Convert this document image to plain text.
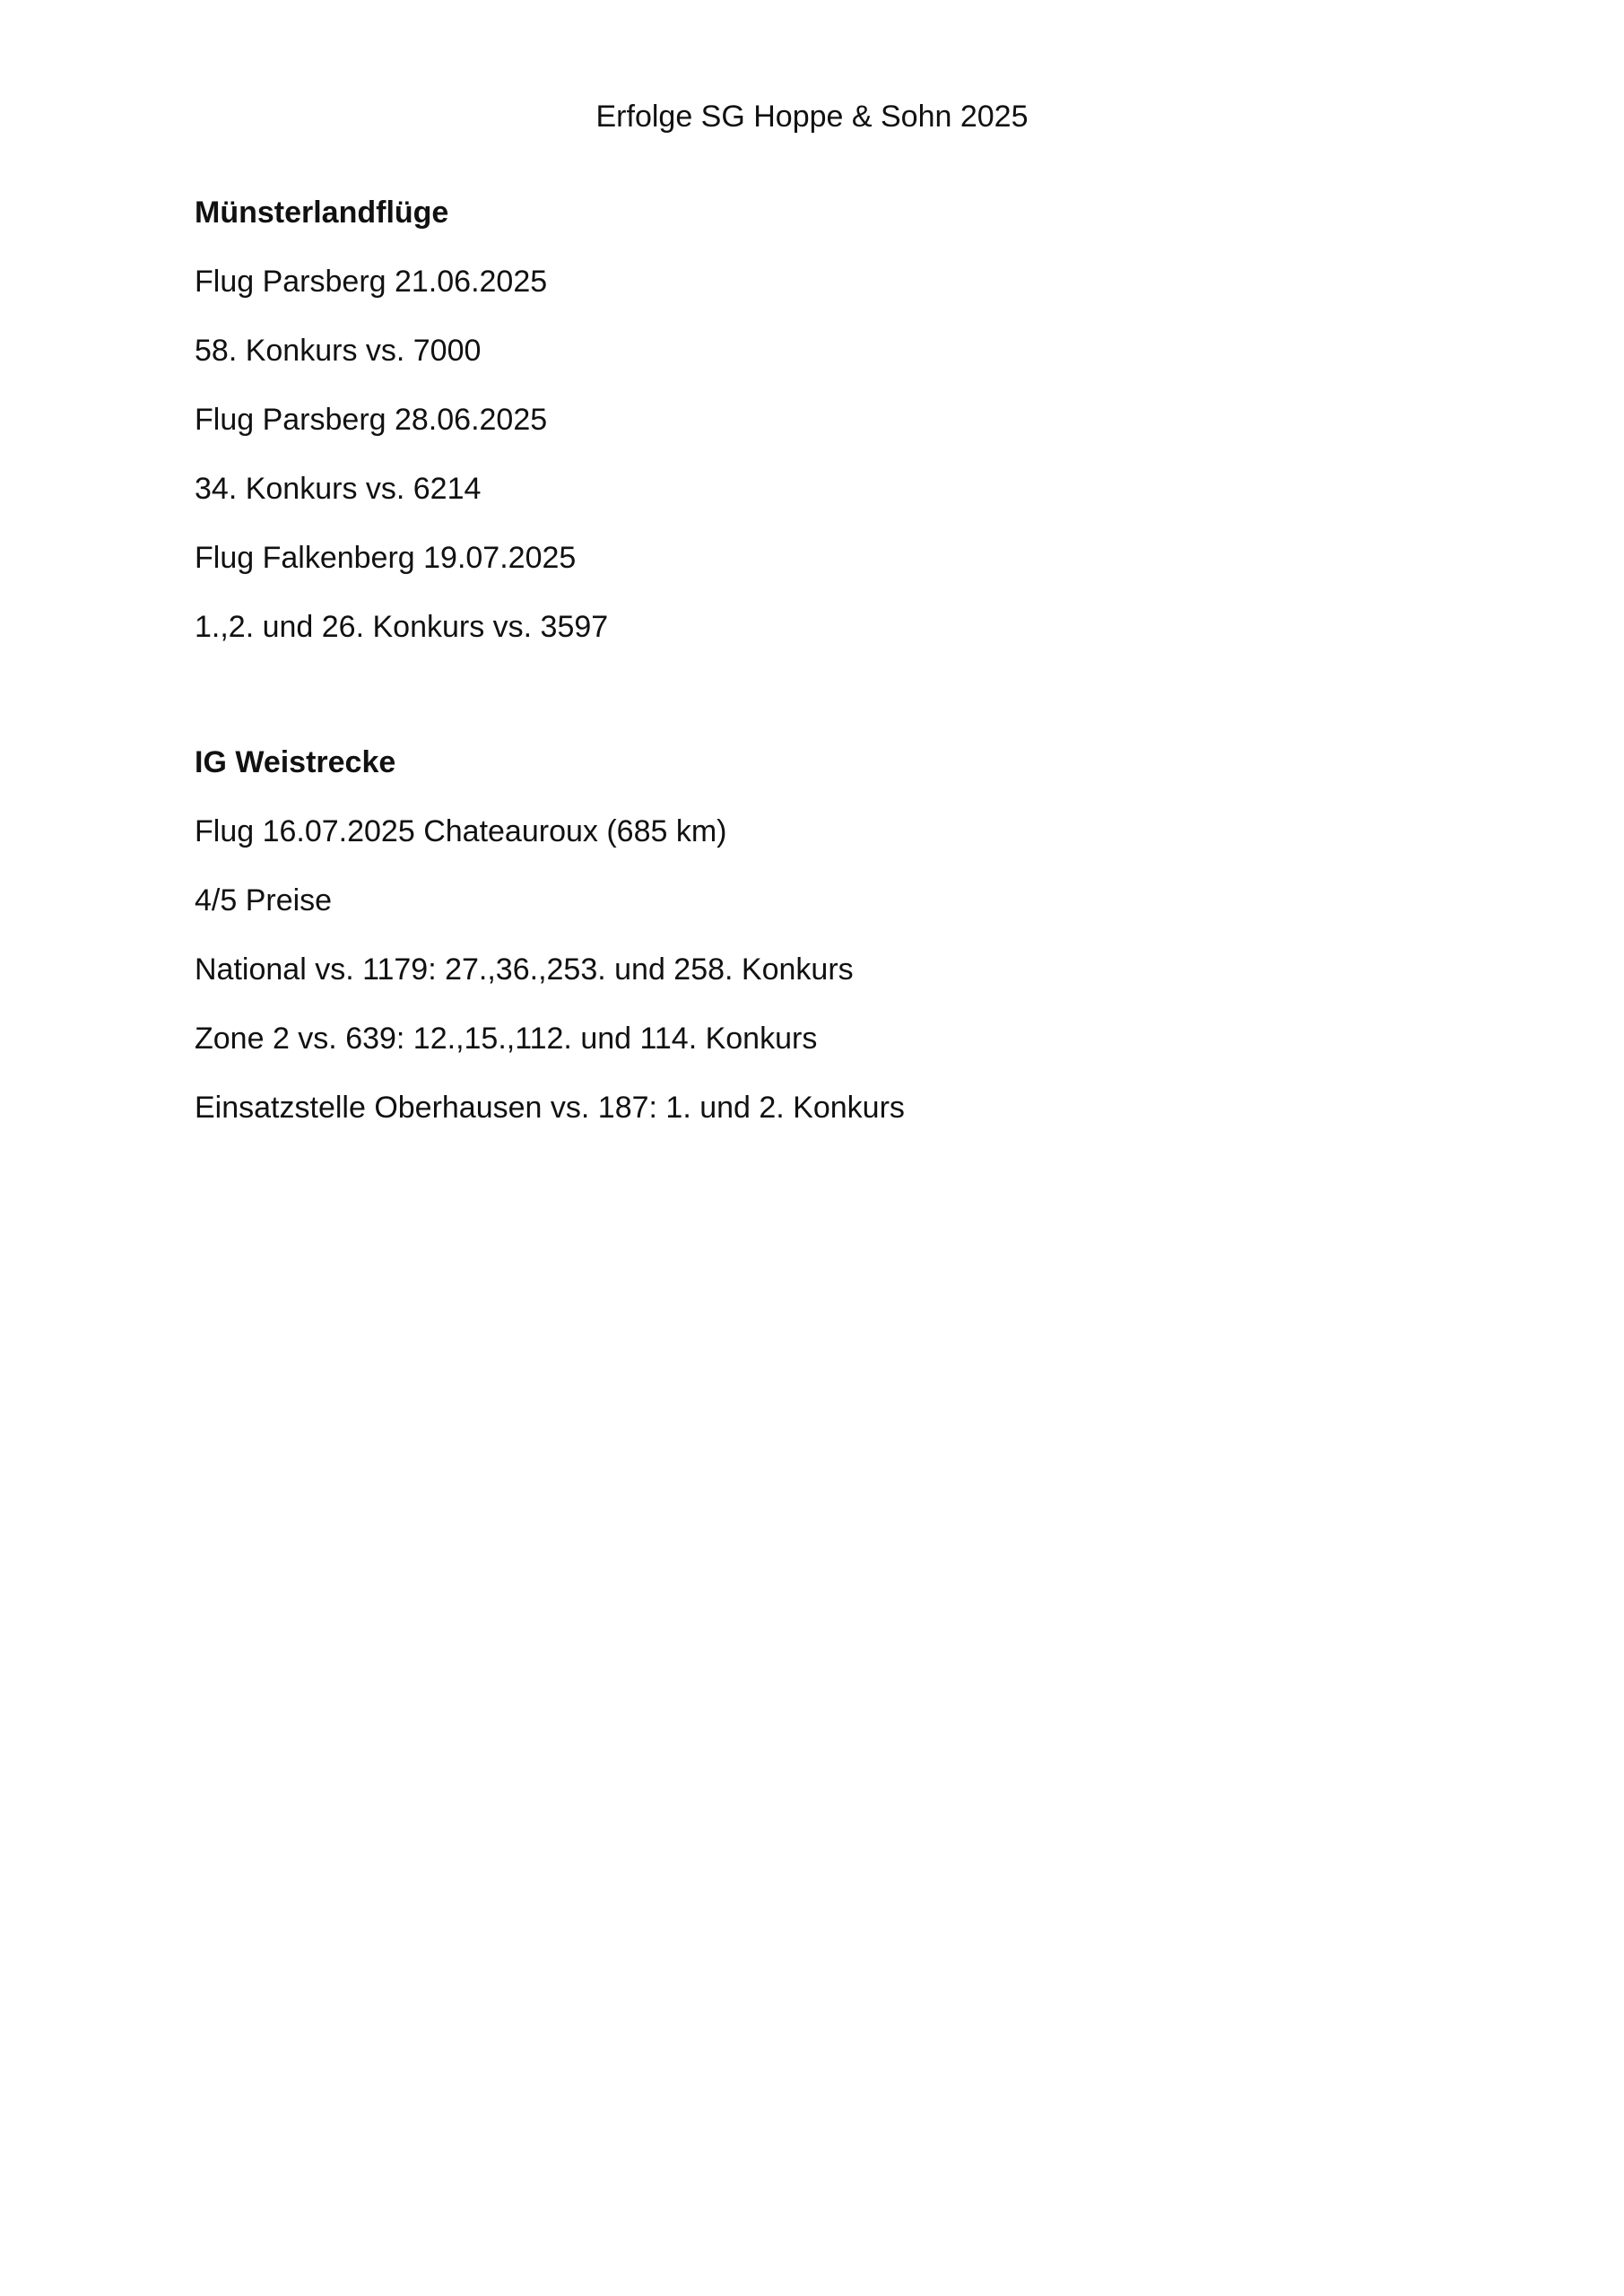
Erfolge SG Hoppe & Sohn 2025

Münsterlandflüge

Flug Parsberg 21.06.2025

58. Konkurs vs. 7000

Flug Parsberg 28.06.2025

34. Konkurs vs. 6214

Flug Falkenberg 19.07.2025

1.,2. und 26. Konkurs vs. 3597

IG Weistrecke

Flug 16.07.2025 Chateauroux (685 km)

4/5 Preise

National vs. 1179: 27.,36.,253. und 258. Konkurs

Zone 2 vs. 639: 12.,15.,112. und 114. Konkurs

Einsatzstelle Oberhausen vs. 187: 1. und 2. Konkurs
